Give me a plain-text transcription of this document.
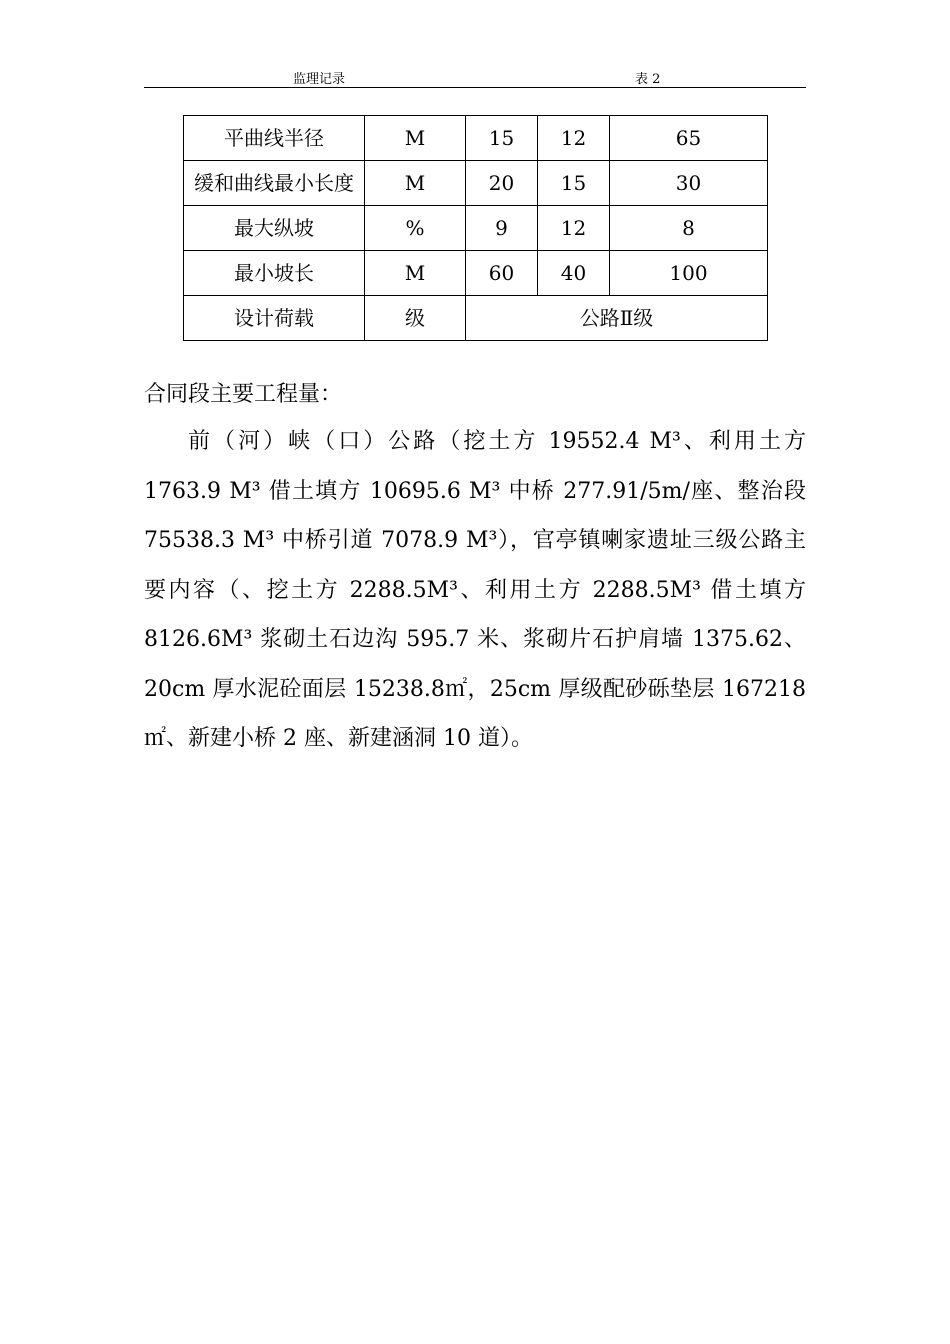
监理记录	表 2
平曲线半径	M	15	12	65
缓和曲线最小长度	M	20	15	30
最大纵坡	%	9	12	8
最小坡长	M	60	40	100
设计荷载	级	公路Ⅱ级		

合同段主要工程量：

前（河）峡（口）公路（挖土方 19552.4 M³、利用土方 1763.9 M³ 借土填方 10695.6 M³ 中桥 277.91/5m/座、整治段 75538.3 M³ 中桥引道 7078.9 M³），官亭镇喇家遗址三级公路主要内容（、挖土方 2288.5M³、利用土方 2288.5M³ 借土填方 8126.6M³ 浆砌土石边沟 595.7 米、浆砌片石护肩墙 1375.62、20cm 厚水泥砼面层 15238.8㎡，25cm 厚级配砂砾垫层 167218㎡、新建小桥 2 座、新建涵洞 10 道）。
